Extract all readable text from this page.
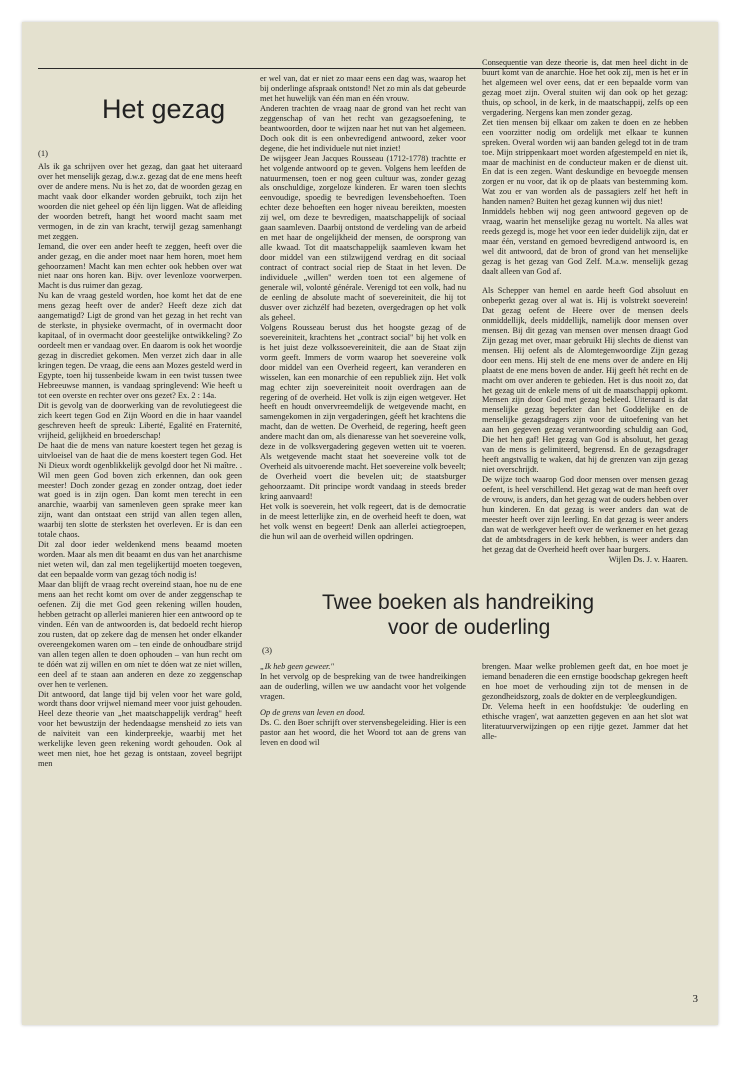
Het gezag
(1)

Als ik ga schrijven over het gezag, dan gaat het uiteraard over het menselijk gezag, d.w.z. gezag dat de ene mens heeft over de andere mens. Nu is het zo, dat de woorden gezag en macht vaak door elkander worden gebruikt, toch zijn het woorden die niet geheel op één lijn liggen. Wat de afleiding der woorden betreft, hangt het woord macht saam met vermogen, in de zin van kracht, terwijl gezag samenhangt met zeggen.

Iemand, die over een ander heeft te zeggen, heeft over die ander gezag, en die ander moet naar hem horen, moet hem gehoorzamen! Macht kan men echter ook hebben over wat niet naar ons horen kan. Bijv. over levenloze voorwerpen. Macht is dus ruimer dan gezag.

Nu kan de vraag gesteld worden, hoe komt het dat de ene mens gezag heeft over de ander? Heeft deze zich dat aangematigd? Ligt de grond van het gezag in het recht van de sterkste, in physieke overmacht, of in overmacht door kapitaal, of in overmacht door geestelijke ontwikkeling? Zo oordeelt men er vandaag over. En daarom is ook het woordje gezag in discrediet gekomen. Men verzet zich daar in alle kringen tegen. De vraag, die eens aan Mozes gesteld werd in Egypte, toen hij tussenbeide kwam in een twist tussen twee Hebreeuwse mannen, is vandaag springlevend: Wie heeft u tot een overste en rechter over ons gezet? Ex. 2 : 14a.

Dit is gevolg van de doorwerking van de revolutiegeest die zich keert tegen God en Zijn Woord en die in haar vaandel geschreven heeft de spreuk: Liberté, Egalité en Fraternité, vrijheid, gelijkheid en broederschap!

De haat die de mens van nature koestert tegen het gezag is uitvloeisel van de haat die de mens koestert tegen God. Het Ni Dieux wordt ogenblikkelijk gevolgd door het Ni maître. . Wil men geen God boven zich erkennen, dan ook geen meester! Doch zonder gezag en zonder ontzag, doet ieder wat goed is in zijn ogen. Dan komt men terecht in een anarchie, waarbij van samenleven geen sprake meer kan zijn, want dan ontstaat een strijd van allen tegen allen, waarbij ten slotte de sterksten het overleven. Er is dan een totale chaos.

Dit zal door ieder weldenkend mens beaamd moeten worden. Maar als men dit beaamt en dus van het anarchisme niet weten wil, dan zal men tegelijkertijd moeten toegeven, dat een bepaalde vorm van gezag tóch nodig is!

Maar dan blijft de vraag recht overeind staan, hoe nu de ene mens aan het recht komt om over de ander zeggenschap te oefenen. Zij die met God geen rekening willen houden, hebben getracht op allerlei manieren hier een antwoord op te vinden. Eén van de antwoorden is, dat bedoeld recht hierop zou rusten, dat op zekere dag de mensen het onder elkander overeengekomen waren om – ten einde de onhoudbare strijd van allen tegen allen te doen ophouden – van hun recht om te dóén wat zij willen en om níet te dóen wat ze niet willen, een deel af te staan aan anderen en deze zo zeggenschap over hen te verlenen.

Dit antwoord, dat lange tijd bij velen voor het ware gold, wordt thans door vrijwel niemand meer voor juist gehouden. Heel deze theorie van „het maatschappelijk verdrag" heeft voor het bewustzijn der hedendaagse mensheid zo iets van de naïviteit van een kinderpreekje, waarbij met het werkelijke leven geen rekening wordt gehouden. Ook al weet men niet, hoe het gezag is ontstaan, zoveel begrijpt men

er wel van, dat er niet zo maar eens een dag was, waarop het bij onderlinge afspraak ontstond! Net zo min als dat gebeurde met het huwelijk van één man en één vrouw.

Anderen trachten de vraag naar de grond van het recht van zeggenschap of van het recht van gezagsoefening, te beantwoorden, door te wijzen naar het nut van het algemeen. Doch ook dit is een onbevredigend antwoord, zeker voor degene, die het individuele nut niet inziet!

De wijsgeer Jean Jacques Rousseau (1712-1778) trachtte er het volgende antwoord op te geven. Volgens hem leefden de natuurmensen, toen er nog geen cultuur was, zonder gezag als onschuldige, zorgeloze kinderen. Er waren toen slechts eenvoudige, spoedig te bevredigen levensbehoeften. Toen echter deze behoeften een hoger niveau bereikten, moesten zij wel, om deze te bevredigen, maatschappelijk of sociaal gaan saamleven. Daarbij ontstond de verdeling van de arbeid en met haar de ongelijkheid der mensen, de oorsprong van alle kwaad. Tot dit maatschappelijk saamleven kwam het door middel van een stilzwijgend verdrag en dit sociaal contract of contract social riep de Staat in het leven. De individuele „willen" werden toen tot een algemene of generale wil, volonté générale. Verenigd tot een volk, had nu de eenling de absolute macht of soevereiniteit, die hij tot dusver over zichzélf had bezeten, overgedragen op het volk als geheel.

Volgens Rousseau berust dus het hoogste gezag of de soevereiniteit, krachtens het „contract social" bij het volk en is het juist deze volkssoevereiniteit, die aan de Staat zijn vorm geeft. Immers de vorm waarop het soevereine volk door middel van een Overheid regeert, kan veranderen en wisselen, kan een monarchie of een republiek zijn. Het volk mag echter zijn soevereiniteit nooit overdragen aan de regering of de overheid. Het volk is zijn eigen wetgever. Het heeft en houdt onvervreemdelijk de wetgevende macht, en samengekomen in zijn vergaderingen, géeft het krachtens die macht, dan de wetten. De Overheid, de regering, heeft geen andere macht dan om, als dienaresse van het soevereine volk, deze in de volksvergadering gegeven wetten uit te voeren. Als wetgevende macht staat het soevereine volk tot de Overheid als uitvoerende macht. Het soevereine volk beveelt; de Overheid voert die bevelen uit; de staatsburger gehoorzaamt. Dit principe wordt vandaag in steeds breder kring aanvaard!

Het volk is soeverein, het volk regeert, dat is de democratie in de meest letterlijke zin, en de overheid heeft te doen, wat het volk wenst en begeert! Denk aan allerlei actiegroepen, die hun wil aan de overheid willen opdringen.

Consequentie van deze theorie is, dat men heel dicht in de buurt komt van de anarchie. Hoe het ook zij, men is het er in het algemeen wel over eens, dat er een bepaalde vorm van gezag moet zijn. Overal stuiten wij dan ook op het gezag: thuis, op school, in de kerk, in de maatschappij, zelfs op een vergadering. Nergens kan men zonder gezag.

Zet tien mensen bij elkaar om zaken te doen en ze hebben een voorzitter nodig om ordelijk met elkaar te kunnen spreken. Overal worden wij aan banden gelegd tot in de tram toe. Mijn strippenkaart moet worden afgestempeld en niet ik, maar de machinist en de conducteur maken er de dienst uit. En dat is een zegen. Want deskundige en bevoegde mensen zorgen er nu voor, dat ik op de plaats van bestemming kom. Wat zou er van worden als de passagiers zelf het heft in handen namen? Buiten het gezag kunnen wij dus niet!

Inmiddels hebben wij nog geen antwoord gegeven op de vraag, waarin het menselijke gezag nu wortelt. Na alles wat reeds gezegd is, moge het voor een ieder duidelijk zijn, dat er maar één, verstand en gemoed bevredigend antwoord is, en wel dit antwoord, dat de bron of grond van het menselijke gezag is het gezag van God Zelf. M.a.w. menselijk gezag daalt alleen van God af.

Als Schepper van hemel en aarde heeft God absoluut en onbeperkt gezag over al wat is. Hij is volstrekt soeverein! Dat gezag oefent de Heere over de mensen deels onmiddellijk, deels middellijk, namelijk door mensen over mensen. Bij dit gezag van mensen over mensen draagt God Zijn gezag met over, maar gebruikt Hij slechts de dienst van mensen. Hij oefent als de Alomtegenwoordige Zijn gezag door een mens. Hij stelt de ene mens over de andere en Hij plaatst de ene mens boven de ander. Hij geeft hét recht en de macht om over anderen te gebieden. Het is dus nooit zo, dat het gezag uit de enkele mens of uit de maatschappij opkomt. Mensen zijn door God met gezag bekleed. Uiteraard is dat menselijke gezag beperkter dan het Goddelijke en de menselijke gezagsdragers zijn voor de uitoefening van het aan hen gegeven gezag verantwoording schuldig aan God, Die het hen gaf! Het gezag van God is absoluut, het gezag van de mens is gelimiteerd, begrensd. En de gezagsdrager heeft angstvallig te waken, dat hij de grenzen van zijn gezag niet overschrijdt.

De wijze toch waarop God door mensen over mensen gezag oefent, is heel verschillend. Het gezag wat de man heeft over de vrouw, is anders, dan het gezag wat de ouders hebben over hun kinderen. En dat gezag is weer anders dan wat de meester heeft over zijn leerling. En dat gezag is weer anders dan wat de werkgever heeft over de werknemer en het gezag dat de ambtsdragers in de kerk hebben, is weer anders dan het gezag dat de Overheid heeft over haar burgers.

Wijlen Ds. J. v. Haaren.

Twee boeken als handreiking
voor de ouderling
(3)

„Ik heb geen geweer."

In het vervolg op de bespreking van de twee handreikingen aan de ouderling, willen we uw aandacht voor het volgende vragen.

Op de grens van leven en dood.

Ds. C. den Boer schrijft over stervensbegeleiding. Hier is een pastor aan het woord, die het Woord tot aan de grens van leven en dood wil

brengen. Maar welke problemen geeft dat, en hoe moet je iemand benaderen die een ernstige boodschap gekregen heeft en hoe moet de verhouding zijn tot de mensen in de gezondheidszorg, zoals de dokter en de verpleegkundigen.

Dr. Velema heeft in een hoofdstukje: 'de ouderling en ethische vragen', wat aanzetten gegeven en aan het slot wat literatuurverwijzingen op een rijtje gezet. Jammer dat het alle-

3
